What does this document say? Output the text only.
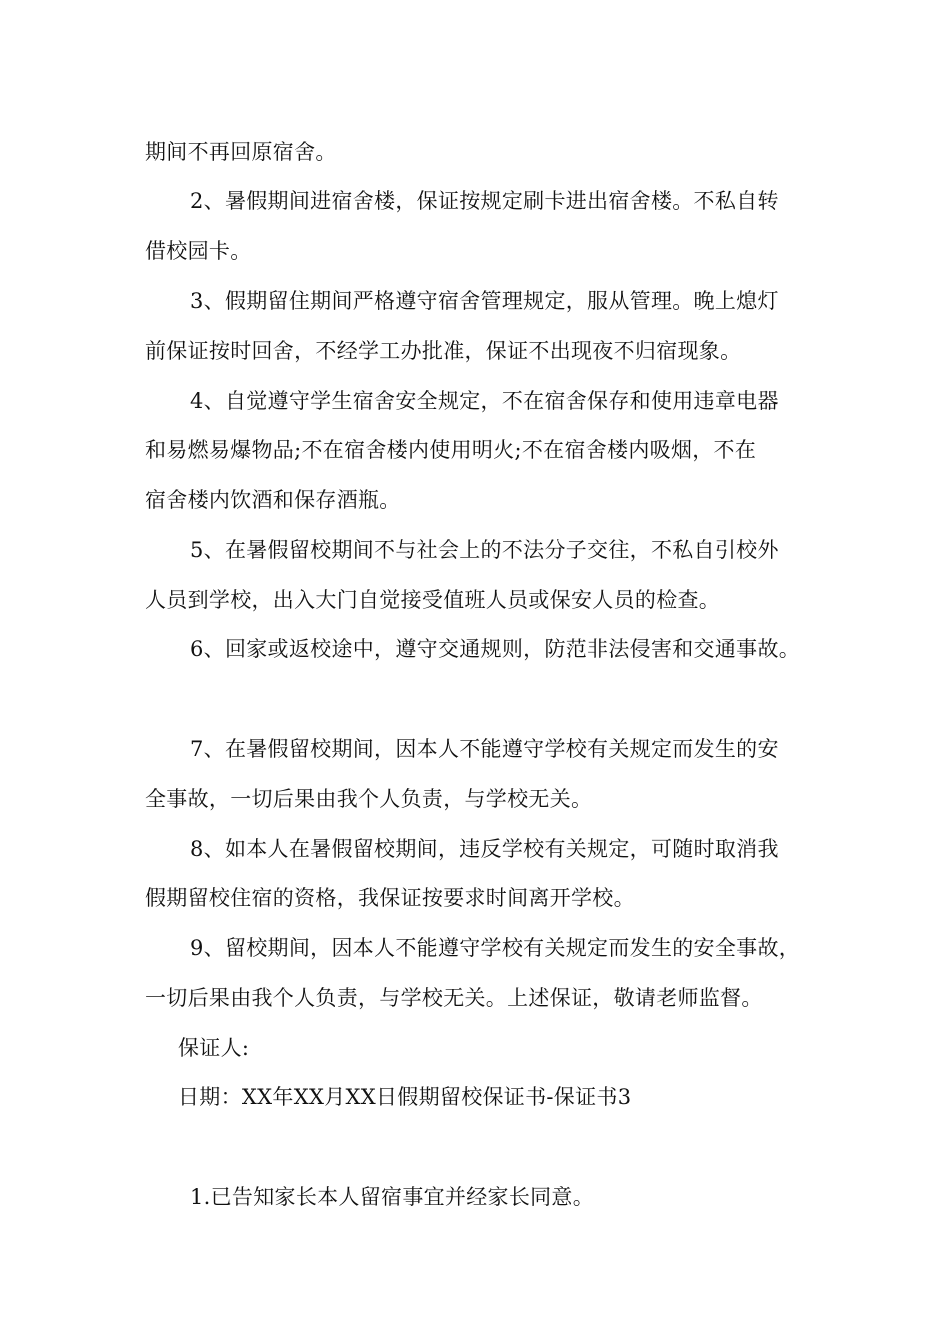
期间不再回原宿舍。
2、暑假期间进宿舍楼，保证按规定刷卡进出宿舍楼。不私自转
借校园卡。
3、假期留住期间严格遵守宿舍管理规定，服从管理。晚上熄灯
前保证按时回舍，不经学工办批准，保证不出现夜不归宿现象。
4、自觉遵守学生宿舍安全规定，不在宿舍保存和使用违章电器
和易燃易爆物品;不在宿舍楼内使用明火;不在宿舍楼内吸烟，不在
宿舍楼内饮酒和保存酒瓶。
5、在暑假留校期间不与社会上的不法分子交往，不私自引校外
人员到学校，出入大门自觉接受值班人员或保安人员的检查。
6、回家或返校途中，遵守交通规则，防范非法侵害和交通事故。
7、在暑假留校期间，因本人不能遵守学校有关规定而发生的安
全事故，一切后果由我个人负责，与学校无关。
8、如本人在暑假留校期间，违反学校有关规定，可随时取消我
假期留校住宿的资格，我保证按要求时间离开学校。
9、留校期间，因本人不能遵守学校有关规定而发生的安全事故，
一切后果由我个人负责，与学校无关。上述保证，敬请老师监督。
保证人:
日期：XX年XX月XX日假期留校保证书-保证书3
1.已告知家长本人留宿事宜并经家长同意。
